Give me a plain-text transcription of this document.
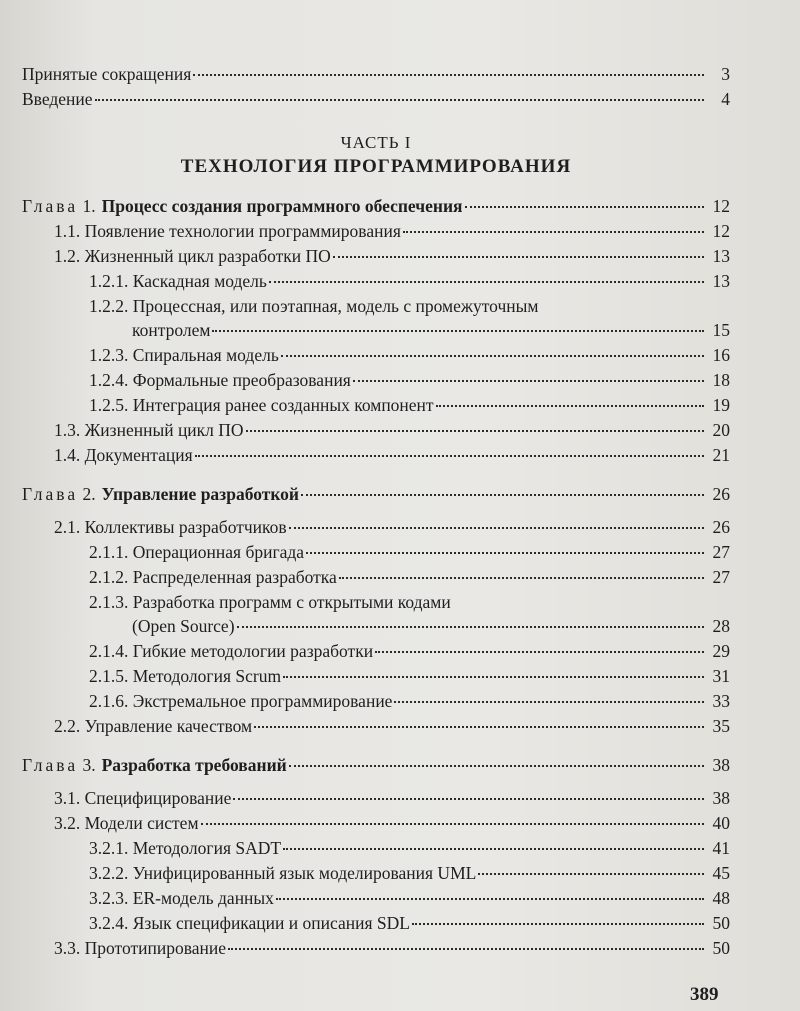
Принятые сокращения	3
Введение	4
ЧАСТЬ I
ТЕХНОЛОГИЯ ПРОГРАММИРОВАНИЯ
Глава 1. Процесс создания программного обеспечения	12
1.1. Появление технологии программирования	12
1.2. Жизненный цикл разработки ПО	13
1.2.1. Каскадная модель	13
1.2.2. Процессная, или поэтапная, модель с промежуточным
контролем	15
1.2.3. Спиральная модель	16
1.2.4. Формальные преобразования	18
1.2.5. Интеграция ранее созданных компонент	19
1.3. Жизненный цикл ПО	20
1.4. Документация	21
Глава 2. Управление разработкой	26
2.1. Коллективы разработчиков	26
2.1.1. Операционная бригада	27
2.1.2. Распределенная разработка	27
2.1.3. Разработка программ с открытыми кодами
(Open Source)	28
2.1.4. Гибкие методологии разработки	29
2.1.5. Методология Scrum	31
2.1.6. Экстремальное программирование	33
2.2. Управление качеством	35
Глава 3. Разработка требований	38
3.1. Специфицирование	38
3.2. Модели систем	40
3.2.1. Методология SADT	41
3.2.2. Унифицированный язык моделирования UML	45
3.2.3. ER-модель данных	48
3.2.4. Язык спецификации и описания SDL	50
3.3. Прототипирование	50
389
